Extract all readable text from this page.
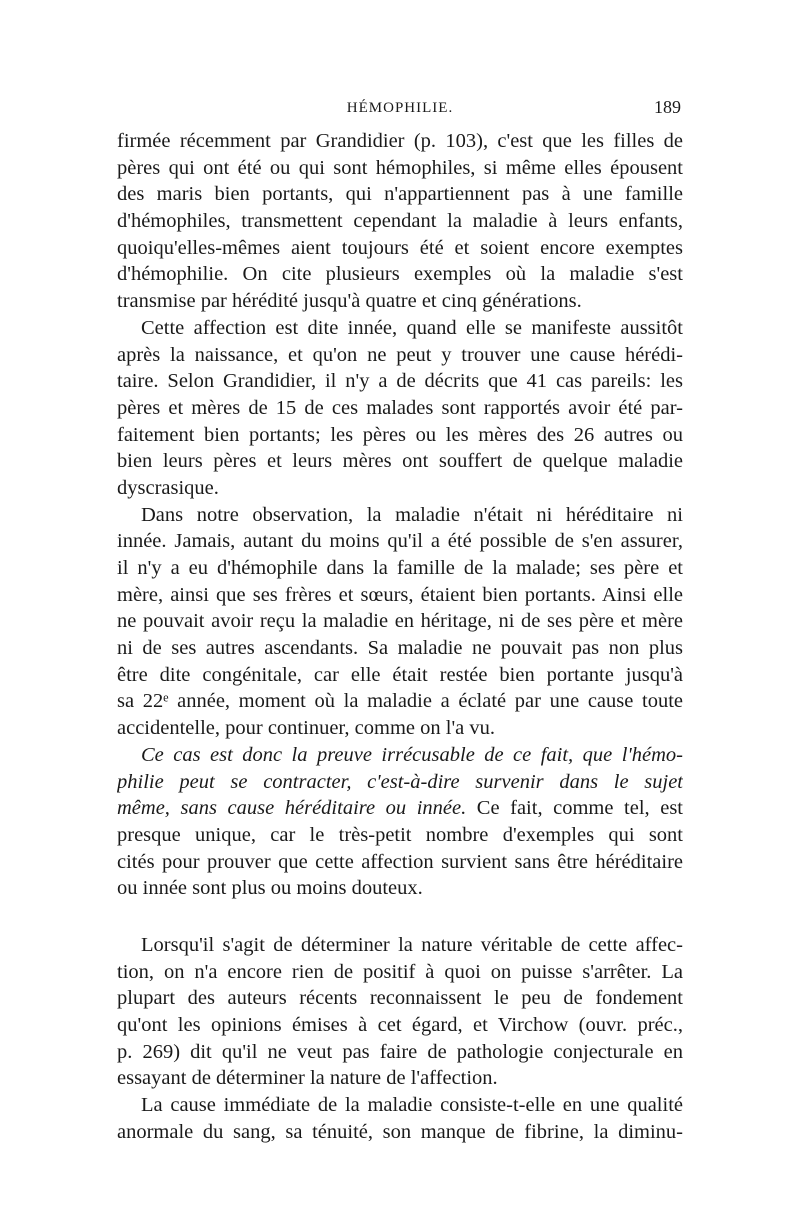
HÉMOPHILIE.	189
firmée récemment par Grandidier (p. 103), c'est que les filles de
pères qui ont été ou qui sont hémophiles, si même elles épousent
des maris bien portants, qui n'appartiennent pas à une famille
d'hémophiles, transmettent cependant la maladie à leurs enfants,
quoiqu'elles-mêmes aient toujours été et soient encore exemptes
d'hémophilie. On cite plusieurs exemples où la maladie s'est
transmise par hérédité jusqu'à quatre et cinq générations.
Cette affection est dite innée, quand elle se manifeste aussitôt
après la naissance, et qu'on ne peut y trouver une cause hérédi-
taire. Selon Grandidier, il n'y a de décrits que 41 cas pareils: les
pères et mères de 15 de ces malades sont rapportés avoir été par-
faitement bien portants; les pères ou les mères des 26 autres ou
bien leurs pères et leurs mères ont souffert de quelque maladie
dyscrasique.
Dans notre observation, la maladie n'était ni héréditaire ni
innée. Jamais, autant du moins qu'il a été possible de s'en assurer,
il n'y a eu d'hémophile dans la famille de la malade; ses père et
mère, ainsi que ses frères et sœurs, étaient bien portants. Ainsi elle
ne pouvait avoir reçu la maladie en héritage, ni de ses père et mère
ni de ses autres ascendants. Sa maladie ne pouvait pas non plus
être dite congénitale, car elle était restée bien portante jusqu'à
sa 22ᵉ année, moment où la maladie a éclaté par une cause toute
accidentelle, pour continuer, comme on l'a vu.
Ce cas est donc la preuve irrécusable de ce fait, que l'hémo-
philie peut se contracter, c'est-à-dire survenir dans le sujet
même, sans cause héréditaire ou innée. Ce fait, comme tel, est
presque unique, car le très-petit nombre d'exemples qui sont
cités pour prouver que cette affection survient sans être héréditaire
ou innée sont plus ou moins douteux.
Lorsqu'il s'agit de déterminer la nature véritable de cette affec-
tion, on n'a encore rien de positif à quoi on puisse s'arrêter. La
plupart des auteurs récents reconnaissent le peu de fondement
qu'ont les opinions émises à cet égard, et Virchow (ouvr. préc.,
p. 269) dit qu'il ne veut pas faire de pathologie conjecturale en
essayant de déterminer la nature de l'affection.
La cause immédiate de la maladie consiste-t-elle en une qualité
anormale du sang, sa ténuité, son manque de fibrine, la diminu-
